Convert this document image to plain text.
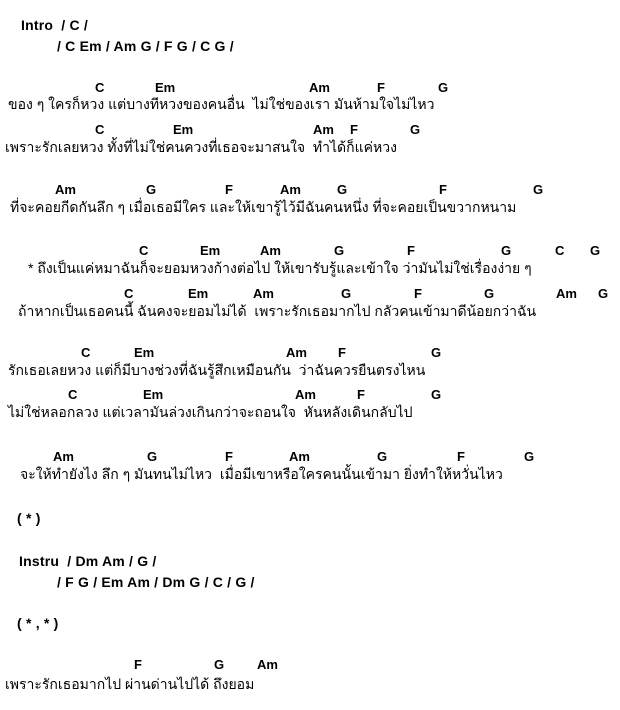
Intro  / C /
/ C Em / Am G / F G / C G /
C	Em	Am	F	G
ของ ๆ ใครก็หวง แต่บางทีหวงของคนอื่น  ไม่ใช่ของเรา มันห้ามใจไม่ไหว
C	Em	Am F	G
เพราะรักเลยหวง ทั้งที่ไม่ใช่คนควงที่เธอจะมาสนใจ  ทำได้ก็แค่หวง
Am	G	F	Am	G	F	G
ที่จะคอยกีดกันลึก ๆ เมื่อเธอมีใคร และให้เขารู้ไว้มีฉันคนหนึ่ง ที่จะคอยเป็นขวากหนาม
C	Em	Am	G	F	G	C G
* ถึงเป็นแค่หมาฉันก็จะยอมหวงก้างต่อไป ให้เขารับรู้และเข้าใจ ว่ามันไม่ใช่เรื่องง่าย ๆ
C	Em	Am	G	F	G	Am G
ถ้าหากเป็นเธอคนนี้ ฉันคงจะยอมไม่ได้  เพราะรักเธอมากไป กลัวคนเข้ามาดีน้อยกว่าฉัน
C	Em	Am F	G
รักเธอเลยหวง แต่ก็มีบางช่วงที่ฉันรู้สึกเหมือนกัน  ว่าฉันควรยืนตรงไหน
C	Em	Am	F	G
ไม่ใช่หลอกลวง แต่เวลามันล่วงเกินกว่าจะถอนใจ  หันหลังเดินกลับไป
Am	G	F	Am	G	F	G
จะให้ทำยังไง ลึก ๆ มันทนไม่ไหว  เมื่อมีเขาหรือใครคนนั้นเข้ามา ยิ่งทำให้หวั่นไหว
( * )
Instru  / Dm Am / G /
/ F G / Em Am / Dm G / C / G /
( * , * )
F	G	Am
เพราะรักเธอมากไป ผ่านด่านไปได้ ถึงยอม
